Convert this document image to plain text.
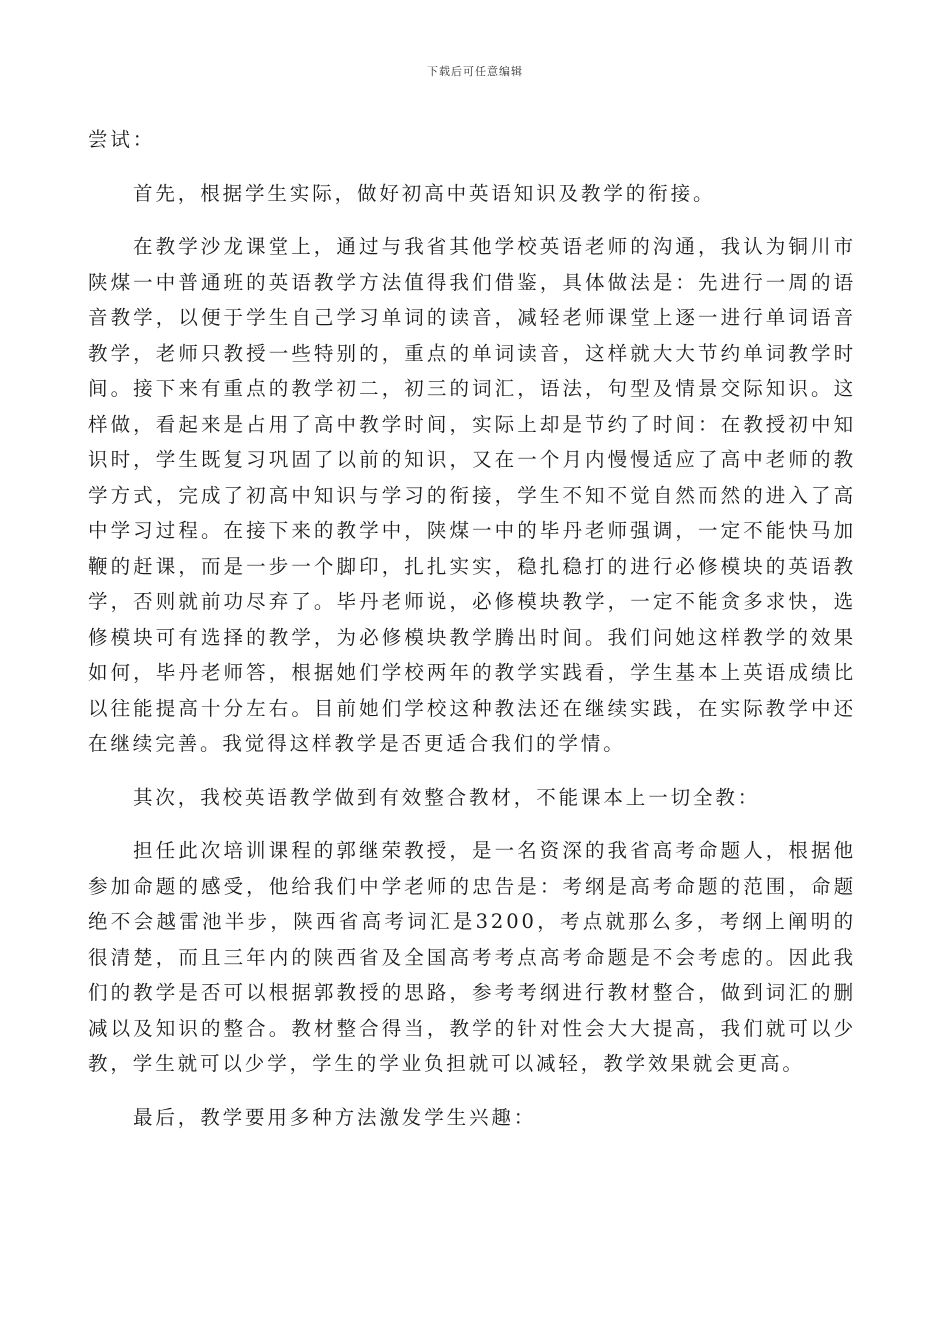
下载后可任意编辑

尝试：

首先，根据学生实际，做好初高中英语知识及教学的衔接。

在教学沙龙课堂上，通过与我省其他学校英语老师的沟通，我认为铜川市陕煤一中普通班的英语教学方法值得我们借鉴，具体做法是：先进行一周的语音教学，以便于学生自己学习单词的读音，减轻老师课堂上逐一进行单词语音教学，老师只教授一些特别的，重点的单词读音，这样就大大节约单词教学时间。接下来有重点的教学初二，初三的词汇，语法，句型及情景交际知识。这样做，看起来是占用了高中教学时间，实际上却是节约了时间：在教授初中知识时，学生既复习巩固了以前的知识，又在一个月内慢慢适应了高中老师的教学方式，完成了初高中知识与学习的衔接，学生不知不觉自然而然的进入了高中学习过程。在接下来的教学中，陕煤一中的毕丹老师强调，一定不能快马加鞭的赶课，而是一步一个脚印，扎扎实实，稳扎稳打的进行必修模块的英语教学，否则就前功尽弃了。毕丹老师说，必修模块教学，一定不能贪多求快，选修模块可有选择的教学，为必修模块教学腾出时间。我们问她这样教学的效果如何，毕丹老师答，根据她们学校两年的教学实践看，学生基本上英语成绩比以往能提高十分左右。目前她们学校这种教法还在继续实践，在实际教学中还在继续完善。我觉得这样教学是否更适合我们的学情。

其次，我校英语教学做到有效整合教材，不能课本上一切全教：

担任此次培训课程的郭继荣教授，是一名资深的我省高考命题人，根据他参加命题的感受，他给我们中学老师的忠告是：考纲是高考命题的范围，命题绝不会越雷池半步，陕西省高考词汇是3200，考点就那么多，考纲上阐明的很清楚，而且三年内的陕西省及全国高考考点高考命题是不会考虑的。因此我们的教学是否可以根据郭教授的思路，参考考纲进行教材整合，做到词汇的删减以及知识的整合。教材整合得当，教学的针对性会大大提高，我们就可以少教，学生就可以少学，学生的学业负担就可以减轻，教学效果就会更高。

最后，教学要用多种方法激发学生兴趣：
